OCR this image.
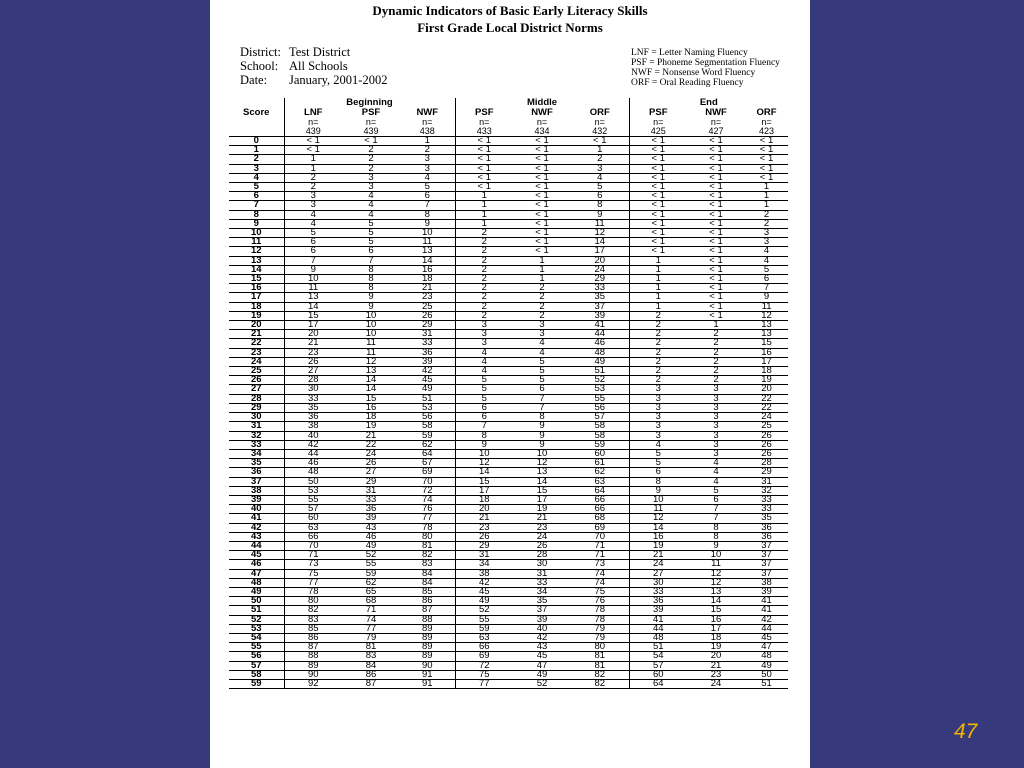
Dynamic Indicators of Basic Early Literacy Skills
First Grade Local District Norms
District: Test District
School: All Schools
Date: January, 2001-2002
LNF = Letter Naming Fluency
PSF = Phoneme Segmentation Fluency
NWF = Nonsense Word Fluency
ORF = Oral Reading Fluency
	Beginning			Middle			End		
Score	LNF	PSF	NWF	PSF	NWF	ORF	PSF	NWF	ORF
	n=	n=	n=	n=	n=	n=	n=	n=	n=
	439	439	438	433	434	432	425	427	423
0	< 1	< 1	1	< 1	< 1	< 1	< 1	< 1	< 1
1	< 1	2	2	< 1	< 1	1	< 1	< 1	< 1
2	1	2	3	< 1	< 1	2	< 1	< 1	< 1
3	1	2	3	< 1	< 1	3	< 1	< 1	< 1
4	2	3	4	< 1	< 1	4	< 1	< 1	< 1
5	2	3	5	< 1	< 1	5	< 1	< 1	1
6	3	4	6	1	< 1	6	< 1	< 1	1
7	3	4	7	1	< 1	8	< 1	< 1	1
8	4	4	8	1	< 1	9	< 1	< 1	2
9	4	5	9	1	< 1	11	< 1	< 1	2
10	5	5	10	2	< 1	12	< 1	< 1	3
11	6	5	11	2	< 1	14	< 1	< 1	3
12	6	6	13	2	< 1	17	< 1	< 1	4
13	7	7	14	2	1	20	1	< 1	4
14	9	8	16	2	1	24	1	< 1	5
15	10	8	18	2	1	29	1	< 1	6
16	11	8	21	2	2	33	1	< 1	7
17	13	9	23	2	2	35	1	< 1	9
18	14	9	25	2	2	37	1	< 1	11
19	15	10	26	2	2	39	2	< 1	12
20	17	10	29	3	3	41	2	1	13
21	20	10	31	3	3	44	2	2	13
22	21	11	33	3	4	46	2	2	15
23	23	11	36	4	4	48	2	2	16
24	26	12	39	4	5	49	2	2	17
25	27	13	42	4	5	51	2	2	18
26	28	14	45	5	5	52	2	2	19
27	30	14	49	5	6	53	3	3	20
28	33	15	51	5	7	55	3	3	22
29	35	16	53	6	7	56	3	3	22
30	36	18	56	6	8	57	3	3	24
31	38	19	58	7	9	58	3	3	25
32	40	21	59	8	9	58	3	3	26
33	42	22	62	9	9	59	4	3	26
34	44	24	64	10	10	60	5	3	26
35	46	26	67	12	12	61	5	4	28
36	48	27	69	14	13	62	6	4	29
37	50	29	70	15	14	63	8	4	31
38	53	31	72	17	15	64	9	5	32
39	55	33	74	18	17	66	10	6	33
40	57	36	76	20	19	66	11	7	33
41	60	39	77	21	21	68	12	7	35
42	63	43	78	23	23	69	14	8	36
43	66	46	80	26	24	70	16	8	36
44	70	49	81	29	26	71	19	9	37
45	71	52	82	31	28	71	21	10	37
46	73	55	83	34	30	73	24	11	37
47	75	59	84	38	31	74	27	12	37
48	77	62	84	42	33	74	30	12	38
49	78	65	85	45	34	75	33	13	39
50	80	68	86	49	35	76	36	14	41
51	82	71	87	52	37	78	39	15	41
52	83	74	88	55	39	78	41	16	42
53	85	77	89	59	40	79	44	17	44
54	86	79	89	63	42	79	48	18	45
55	87	81	89	66	43	80	51	19	47
56	88	83	89	69	45	81	54	20	48
57	89	84	90	72	47	81	57	21	49
58	90	86	91	75	49	82	60	23	50
59	92	87	91	77	52	82	64	24	51
47
